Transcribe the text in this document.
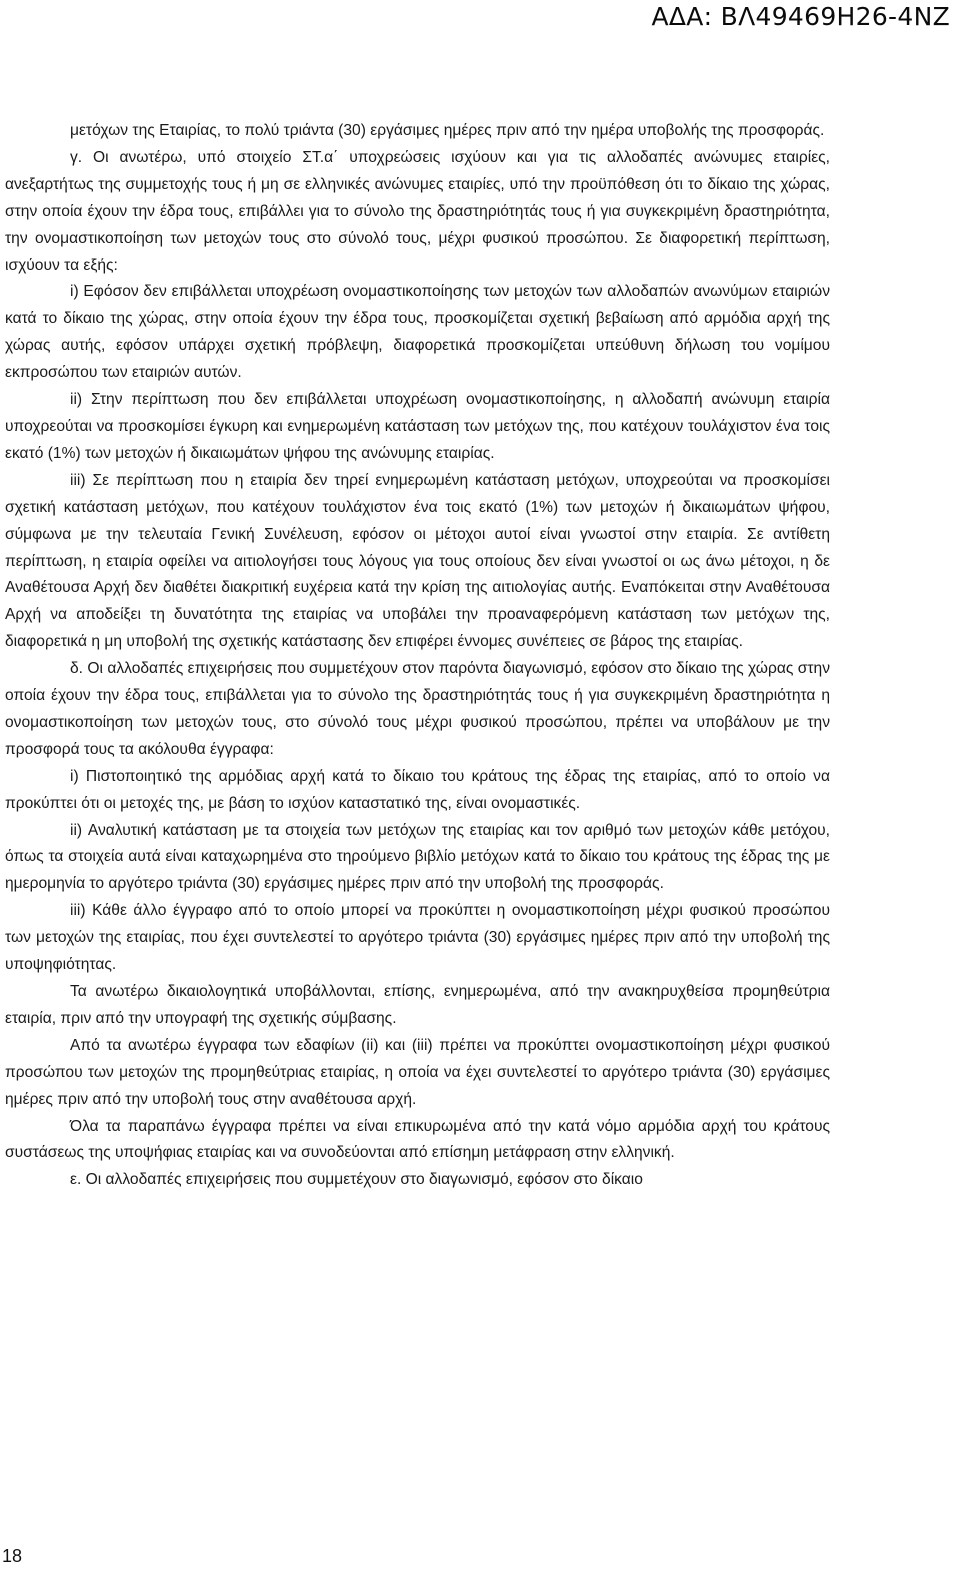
ΑΔΑ: ΒΛ49469Η26-4ΝΖ

μετόχων της Εταιρίας, το πολύ τριάντα (30) εργάσιμες ημέρες πριν από την ημέρα υποβολής της προσφοράς.

γ. Οι ανωτέρω, υπό στοιχείο ΣΤ.α΄ υποχρεώσεις ισχύουν και για τις αλλοδαπές ανώνυμες εταιρίες, ανεξαρτήτως της συμμετοχής τους ή μη σε ελληνικές ανώνυμες εταιρίες, υπό την προϋπόθεση ότι το δίκαιο της χώρας, στην οποία έχουν την έδρα τους, επιβάλλει για το σύνολο της δραστηριότητάς τους ή για συγκεκριμένη δραστηριότητα, την ονομαστικοποίηση των μετοχών τους στο σύνολό τους, μέχρι φυσικού προσώπου. Σε διαφορετική περίπτωση, ισχύουν τα εξής:

i) Εφόσον δεν επιβάλλεται υποχρέωση ονομαστικοποίησης των μετοχών των αλλοδαπών ανωνύμων εταιριών κατά το δίκαιο της χώρας, στην οποία έχουν την έδρα τους, προσκομίζεται σχετική βεβαίωση από αρμόδια αρχή της χώρας αυτής, εφόσον υπάρχει σχετική πρόβλεψη, διαφορετικά προσκομίζεται υπεύθυνη δήλωση του νομίμου εκπροσώπου των εταιριών αυτών.

ii) Στην περίπτωση που δεν επιβάλλεται υποχρέωση ονομαστικοποίησης, η αλλοδαπή ανώνυμη εταιρία υποχρεούται να προσκομίσει έγκυρη και ενημερωμένη κατάσταση των μετόχων της, που κατέχουν τουλάχιστον ένα τοις εκατό (1%) των μετοχών ή δικαιωμάτων ψήφου της ανώνυμης εταιρίας.

iii) Σε περίπτωση που η εταιρία δεν τηρεί ενημερωμένη κατάσταση μετόχων, υποχρεούται να προσκομίσει σχετική κατάσταση μετόχων, που κατέχουν τουλάχιστον ένα τοις εκατό (1%) των μετοχών ή δικαιωμάτων ψήφου, σύμφωνα με την τελευταία Γενική Συνέλευση, εφόσον οι μέτοχοι αυτοί είναι γνωστοί στην εταιρία. Σε αντίθετη περίπτωση, η εταιρία οφείλει να αιτιολογήσει τους λόγους για τους οποίους δεν είναι γνωστοί οι ως άνω μέτοχοι, η δε Αναθέτουσα Αρχή δεν διαθέτει διακριτική ευχέρεια κατά την κρίση της αιτιολογίας αυτής. Εναπόκειται στην Αναθέτουσα Αρχή να αποδείξει τη δυνατότητα της εταιρίας να υποβάλει την προαναφερόμενη κατάσταση των μετόχων της, διαφορετικά η μη υποβολή της σχετικής κατάστασης δεν επιφέρει έννομες συνέπειες σε βάρος της εταιρίας.

δ. Οι αλλοδαπές επιχειρήσεις που συμμετέχουν στον παρόντα διαγωνισμό, εφόσον στο δίκαιο της χώρας στην οποία έχουν την έδρα τους, επιβάλλεται για το σύνολο της δραστηριότητάς τους ή για συγκεκριμένη δραστηριότητα η ονομαστικοποίηση των μετοχών τους, στο σύνολό τους μέχρι φυσικού προσώπου, πρέπει να υποβάλουν με την προσφορά τους τα ακόλουθα έγγραφα:

i) Πιστοποιητικό της αρμόδιας αρχή κατά το δίκαιο του κράτους της έδρας της εταιρίας, από το οποίο να προκύπτει ότι οι μετοχές της, με βάση το ισχύον καταστατικό της, είναι ονομαστικές.

ii) Αναλυτική κατάσταση με τα στοιχεία των μετόχων της εταιρίας και τον αριθμό των μετοχών κάθε μετόχου, όπως τα στοιχεία αυτά είναι καταχωρημένα στο τηρούμενο βιβλίο μετόχων κατά το δίκαιο του κράτους της έδρας της με ημερομηνία το αργότερο τριάντα (30) εργάσιμες ημέρες πριν από την υποβολή της προσφοράς.

iii) Κάθε άλλο έγγραφο από το οποίο μπορεί να προκύπτει η ονομαστικοποίηση μέχρι φυσικού προσώπου των μετοχών της εταιρίας, που έχει συντελεστεί το αργότερο τριάντα (30) εργάσιμες ημέρες πριν από την υποβολή της υποψηφιότητας.

Τα ανωτέρω δικαιολογητικά υποβάλλονται, επίσης, ενημερωμένα, από την ανακηρυχθείσα προμηθεύτρια εταιρία, πριν από την υπογραφή της σχετικής σύμβασης.

Από τα ανωτέρω έγγραφα των εδαφίων (ii) και (iii) πρέπει να προκύπτει ονομαστικοποίηση μέχρι φυσικού προσώπου των μετοχών της προμηθεύτριας εταιρίας, η οποία να έχει συντελεστεί το αργότερο τριάντα (30) εργάσιμες ημέρες πριν από την υποβολή τους στην αναθέτουσα αρχή.

Όλα τα παραπάνω έγγραφα πρέπει να είναι επικυρωμένα από την κατά νόμο αρμόδια αρχή του κράτους συστάσεως της υποψήφιας εταιρίας και να συνοδεύονται από επίσημη μετάφραση στην ελληνική.

ε. Οι αλλοδαπές επιχειρήσεις που συμμετέχουν στο διαγωνισμό, εφόσον στο δίκαιο

18
